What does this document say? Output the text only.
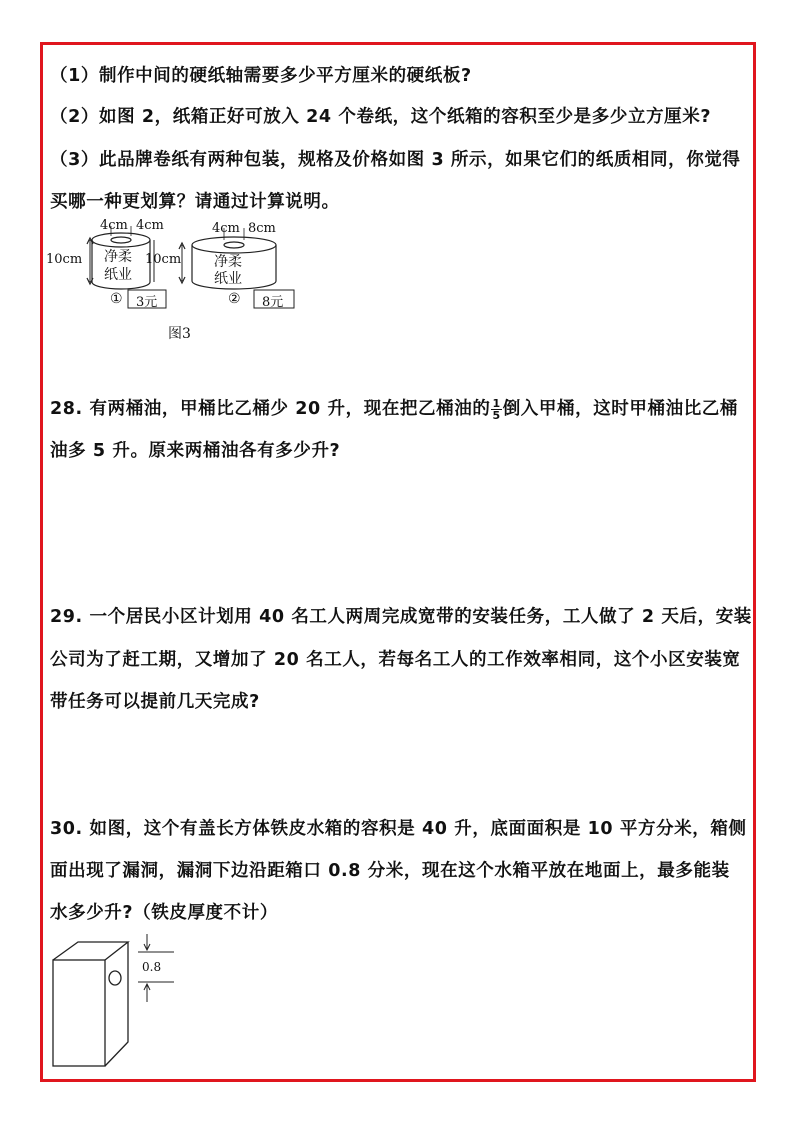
（1）制作中间的硬纸轴需要多少平方厘米的硬纸板?
（2）如图 2，纸箱正好可放入 24 个卷纸，这个纸箱的容积至少是多少立方厘米?
（3）此品牌卷纸有两种包装，规格及价格如图 3 所示，如果它们的纸质相同，你觉得
买哪一种更划算？请通过计算说明。
4cm 4cm
10cm 净柔
纸业
10cm
① 3元
4cm 8cm
净柔
纸业
② 8元
图3
28. 有两桶油，甲桶比乙桶少 20 升，现在把乙桶油的 $\frac{1}{5}$ 倒入甲桶，这时甲桶油比乙桶
油多 5 升。原来两桶油各有多少升?
29. 一个居民小区计划用 40 名工人两周完成宽带的安装任务，工人做了 2 天后，安装
公司为了赶工期，又增加了 20 名工人，若每名工人的工作效率相同，这个小区安装宽
带任务可以提前几天完成?
30. 如图，这个有盖长方体铁皮水箱的容积是 40 升，底面面积是 10 平方分米，箱侧
面出现了漏洞，漏洞下边沿距箱口 0.8 分米，现在这个水箱平放在地面上，最多能装
水多少升?（铁皮厚度不计）
0.8
